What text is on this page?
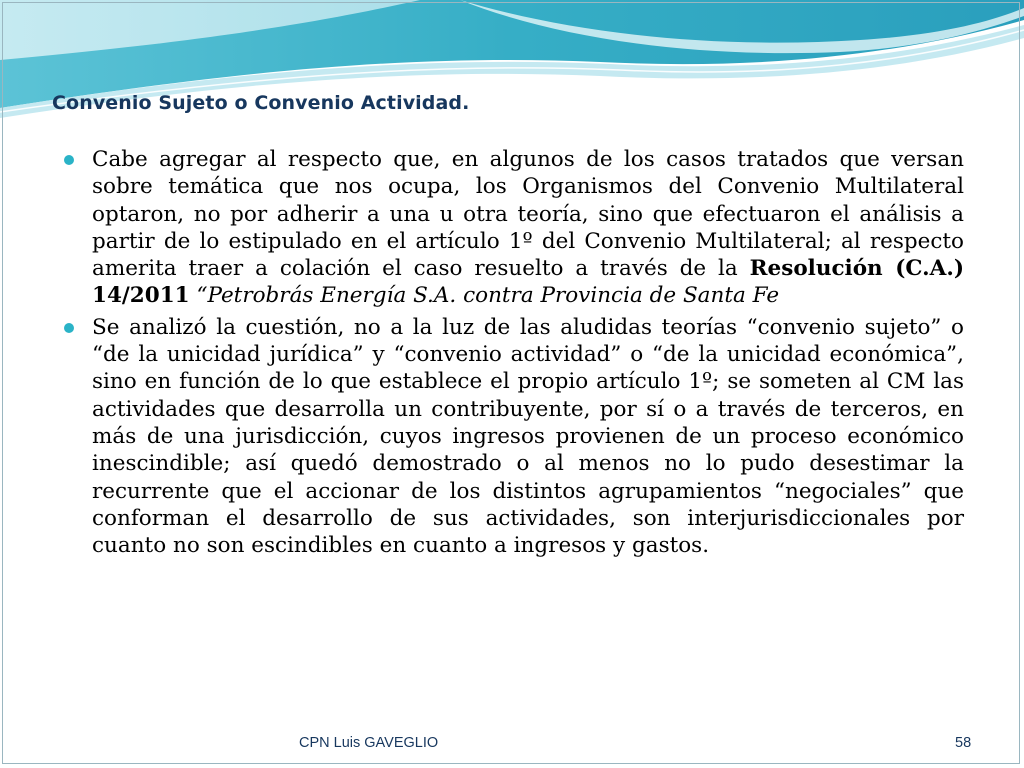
Convenio Sujeto o Convenio Actividad.
Cabe agregar al respecto que, en algunos de los casos tratados que versan sobre temática que nos ocupa, los Organismos del Convenio Multilateral optaron, no por adherir a una u otra teoría, sino que efectuaron el análisis a partir de lo estipulado en el artículo 1º del Convenio Multilateral; al respecto amerita traer a colación el caso resuelto a través de la Resolución (C.A.) 14/2011 “Petrobrás Energía S.A. contra Provincia de Santa Fe
Se analizó la cuestión, no a la luz de las aludidas teorías “convenio sujeto” o “de la unicidad jurídica” y “convenio actividad” o “de la unicidad económica”, sino en función de lo que establece el propio artículo 1º; se someten al CM las actividades que desarrolla un contribuyente, por sí o a través de terceros, en más de una jurisdicción, cuyos ingresos provienen de un proceso económico inescindible; así quedó demostrado o al menos no lo pudo desestimar la recurrente que el accionar de los distintos agrupamientos “negociales” que conforman el desarrollo de sus actividades, son interjurisdiccionales por cuanto no son escindibles en cuanto a ingresos y gastos.
CPN Luis GAVEGLIO	58
